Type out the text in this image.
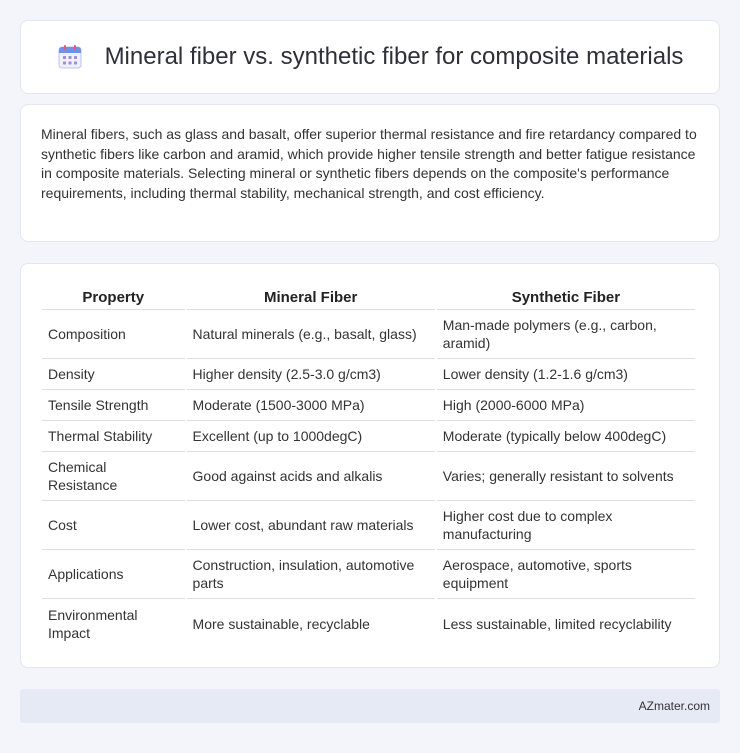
Mineral fiber vs. synthetic fiber for composite materials

Mineral fibers, such as glass and basalt, offer superior thermal resistance and fire retardancy compared to synthetic fibers like carbon and aramid, which provide higher tensile strength and better fatigue resistance in composite materials. Selecting mineral or synthetic fibers depends on the composite's performance requirements, including thermal stability, mechanical strength, and cost efficiency.

Property	Mineral Fiber	Synthetic Fiber
Composition	Natural minerals (e.g., basalt, glass)	Man-made polymers (e.g., carbon, aramid)
Density	Higher density (2.5-3.0 g/cm3)	Lower density (1.2-1.6 g/cm3)
Tensile Strength	Moderate (1500-3000 MPa)	High (2000-6000 MPa)
Thermal Stability	Excellent (up to 1000degC)	Moderate (typically below 400degC)
Chemical Resistance	Good against acids and alkalis	Varies; generally resistant to solvents
Cost	Lower cost, abundant raw materials	Higher cost due to complex manufacturing
Applications	Construction, insulation, automotive parts	Aerospace, automotive, sports equipment
Environmental Impact	More sustainable, recyclable	Less sustainable, limited recyclability
AZmater.com
